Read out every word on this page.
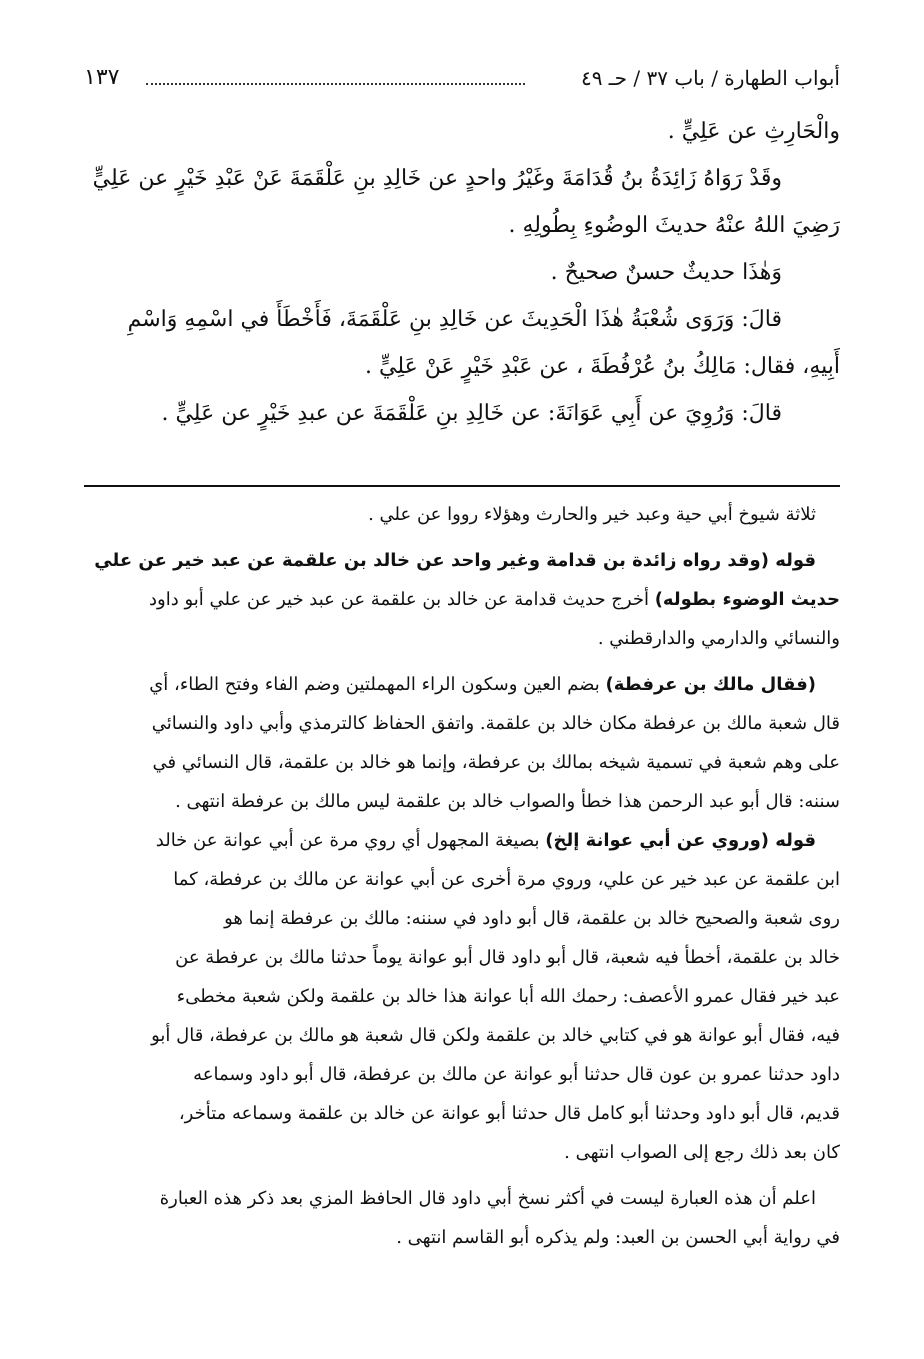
أبواب الطهارة / باب ٣٧ / حـ ٤٩
١٣٧
والْحَارِثِ عن عَلِيٍّ .
وقَدْ رَوَاهُ زَائِدَةُ بنُ قُدَامَةَ وغَيْرُ واحدٍ عن خَالِدِ بنِ عَلْقَمَةَ عَنْ عَبْدِ خَيْرٍ عن عَلِيٍّ
رَضِيَ اللهُ عنْهُ حديثَ الوضُوءِ بِطُولِهِ .
وَهٰذَا حديثٌ حسنٌ صحيحٌ .
قالَ: وَرَوَى شُعْبَةُ هٰذَا الْحَدِيثَ عن خَالِدِ بنِ عَلْقَمَةَ، فَأَخْطَأَ في اسْمِهِ وَاسْمِ
أَبِيهِ، فقال: مَالِكُ بنُ عُرْفُطَةَ ، عن عَبْدِ خَيْرٍ عَنْ عَلِيٍّ .
قالَ: وَرُوِيَ عن أَبِي عَوَانَةَ: عن خَالِدِ بنِ عَلْقَمَةَ عن عبدِ خَيْرٍ عن عَلِيٍّ .
ثلاثة شيوخ أبي حية وعبد خير والحارث وهؤلاء رووا عن علي .
قوله (وقد رواه زائدة بن قدامة وغير واحد عن خالد بن علقمة عن عبد خير عن علي
حديث الوضوء بطوله) أخرج حديث قدامة عن خالد بن علقمة عن عبد خير عن علي أبو داود
والنسائي والدارمي والدارقطني .
(فقال مالك بن عرفطة) بضم العين وسكون الراء المهملتين وضم الفاء وفتح الطاء، أي
قال شعبة مالك بن عرفطة مكان خالد بن علقمة. واتفق الحفاظ كالترمذي وأبي داود والنسائي
على وهم شعبة في تسمية شيخه بمالك بن عرفطة، وإنما هو خالد بن علقمة، قال النسائي في
سننه: قال أبو عبد الرحمن هذا خطأ والصواب خالد بن علقمة ليس مالك بن عرفطة انتهى .
قوله (وروي عن أبي عوانة إلخ) بصيغة المجهول أي روي مرة عن أبي عوانة عن خالد
ابن علقمة عن عبد خير عن علي، وروي مرة أخرى عن أبي عوانة عن مالك بن عرفطة، كما
روى شعبة والصحيح خالد بن علقمة، قال أبو داود في سننه: مالك بن عرفطة إنما هو
خالد بن علقمة، أخطأ فيه شعبة، قال أبو داود قال أبو عوانة يوماً حدثنا مالك بن عرفطة عن
عبد خير فقال عمرو الأعصف: رحمك الله أبا عوانة هذا خالد بن علقمة ولكن شعبة مخطىء
فيه، فقال أبو عوانة هو في كتابي خالد بن علقمة ولكن قال شعبة هو مالك بن عرفطة، قال أبو
داود حدثنا عمرو بن عون قال حدثنا أبو عوانة عن مالك بن عرفطة، قال أبو داود وسماعه
قديم، قال أبو داود وحدثنا أبو كامل قال حدثنا أبو عوانة عن خالد بن علقمة وسماعه متأخر،
كان بعد ذلك رجع إلى الصواب انتهى .
اعلم أن هذه العبارة ليست في أكثر نسخ أبي داود قال الحافظ المزي بعد ذكر هذه العبارة
في رواية أبي الحسن بن العبد: ولم يذكره أبو القاسم انتهى .
